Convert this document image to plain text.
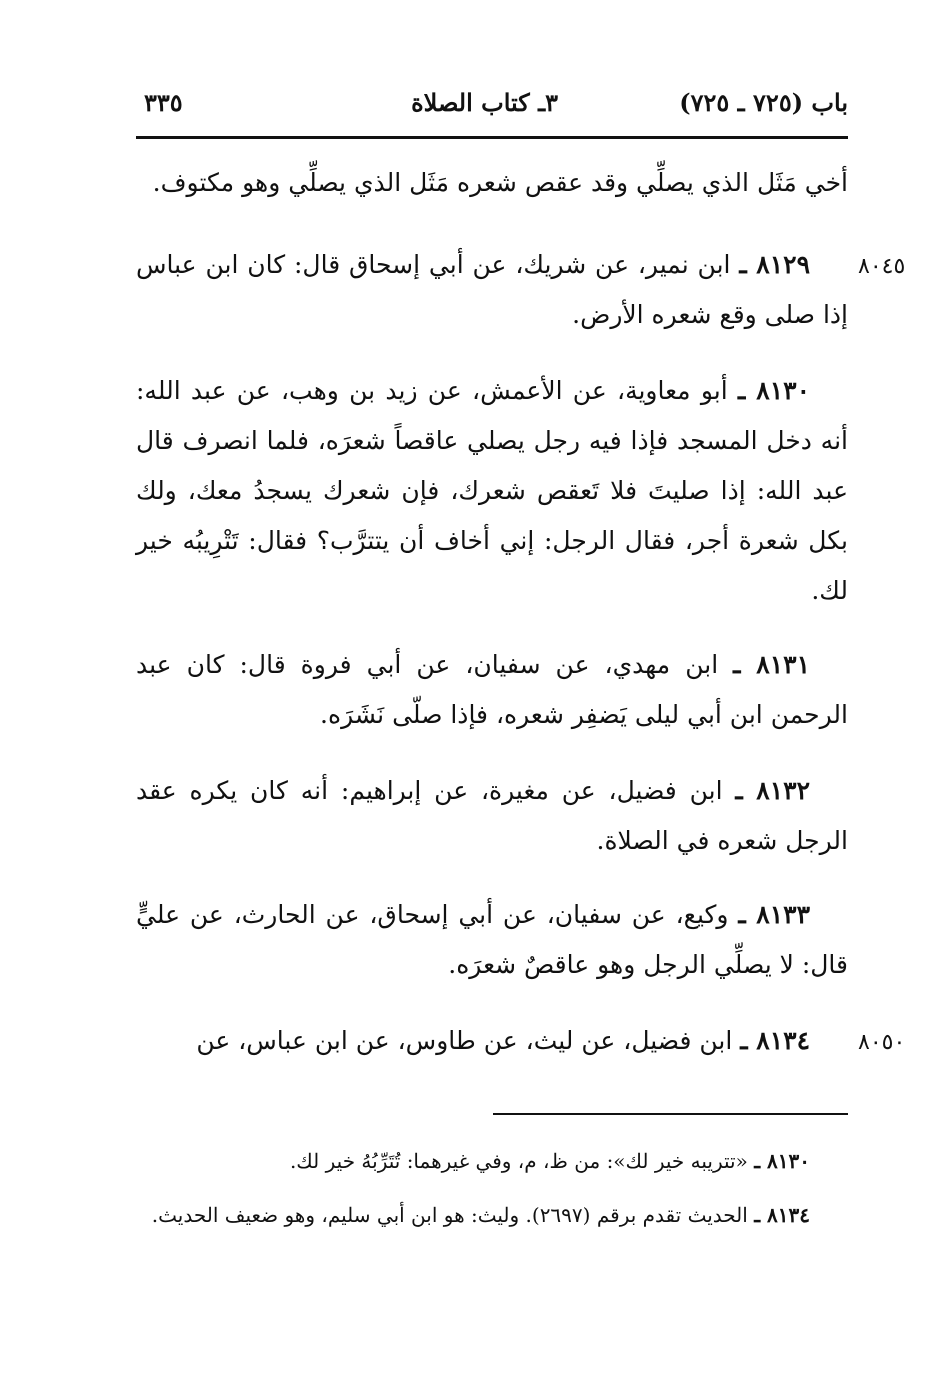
باب (٧٢٥ ـ ٧٢٥)
٣ـ كتاب الصلاة
٣٣٥

أخي مَثَل الذي يصلِّي وقد عقص شعره مَثَل الذي يصلِّي وهو مكتوف.

٨٠٤٥

٨١٢٩ ـ ابن نمير، عن شريك، عن أبي إسحاق قال: كان ابن عباس إذا صلى وقع شعره الأرض.

٨١٣٠ ـ أبو معاوية، عن الأعمش، عن زيد بن وهب، عن عبد الله: أنه دخل المسجد فإذا فيه رجل يصلي عاقصاً شعرَه، فلما انصرف قال عبد الله: إذا صليتَ فلا تَعقص شعرك، فإن شعرك يسجدُ معك، ولك بكل شعرة أجر، فقال الرجل: إني أخاف أن يتترَّب؟ فقال: تَتْرِيبُه خير لك.

٨١٣١ ـ ابن مهدي، عن سفيان، عن أبي فروة قال: كان عبد الرحمن ابن أبي ليلى يَضفِر شعره، فإذا صلّى نَشَرَه.

٨١٣٢ ـ ابن فضيل، عن مغيرة، عن إبراهيم: أنه كان يكره عقد الرجل شعره في الصلاة.

٨١٣٣ ـ وكيع، عن سفيان، عن أبي إسحاق، عن الحارث، عن عليٍّ قال: لا يصلِّي الرجل وهو عاقصٌ شعرَه.

٨٠٥٠

٨١٣٤ ـ ابن فضيل، عن ليث، عن طاوس، عن ابن عباس، عن

٨١٣٠ ـ «تتريبه خير لك»: من ظ، م، وفي غيرهما: تُتَرِّبُهُ خير لك.

٨١٣٤ ـ الحديث تقدم برقم (٢٦٩٧). وليث: هو ابن أبي سليم، وهو ضعيف الحديث.
